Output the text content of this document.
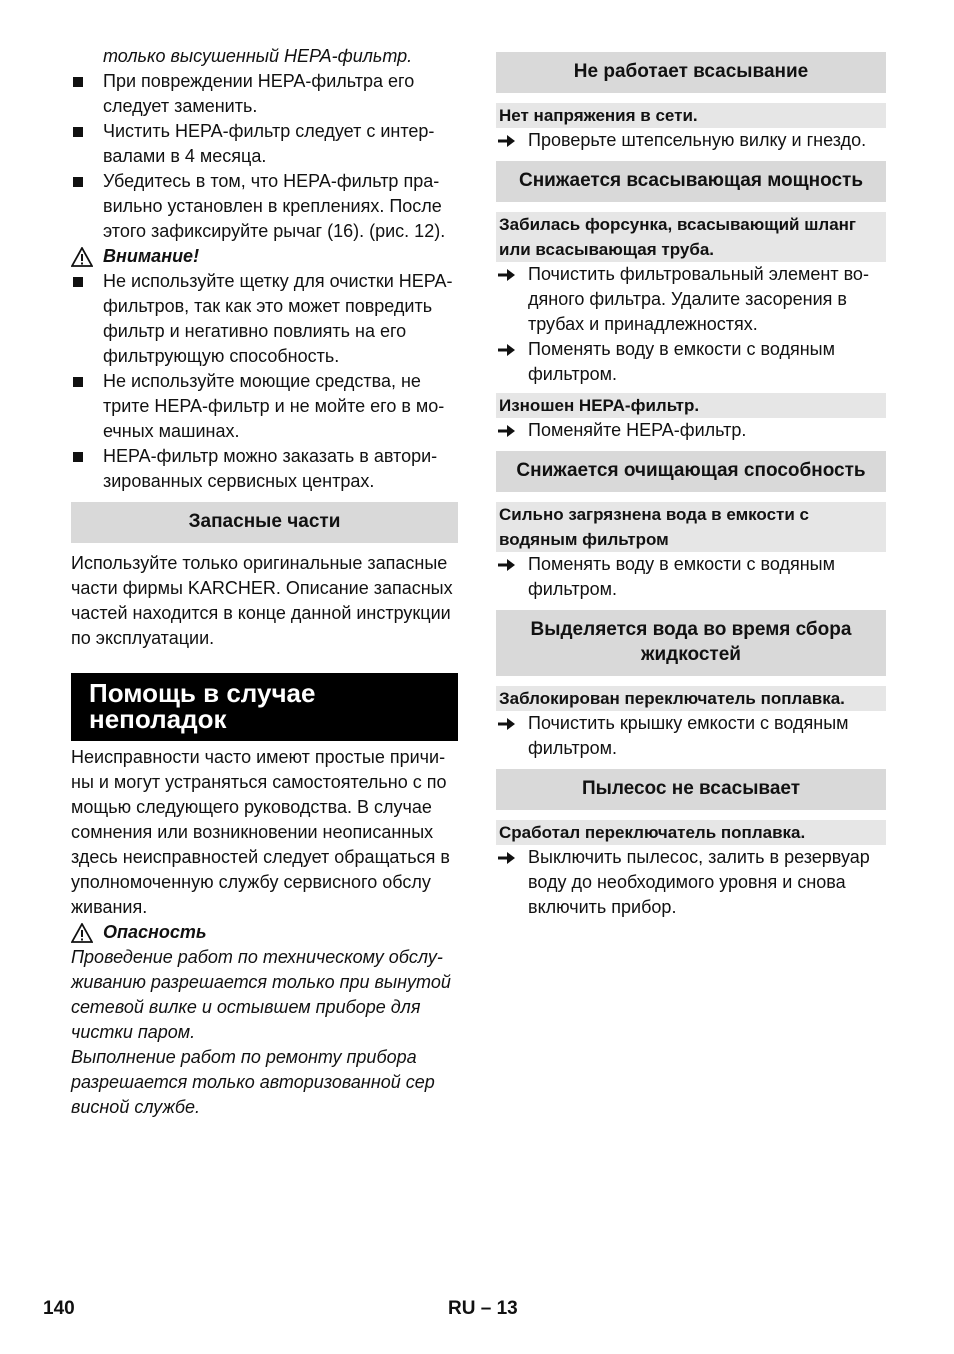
только высушенный HEPA-фильтр.
При повреждении HEPA-фильтра его
следует заменить.
Чистить HEPA-фильтр следует с интер-
валами в 4 месяца.
Убедитесь в том, что HEPA-фильтр пра-
вильно установлен в креплениях. После
этого зафиксируйте рычаг (16). (рис. 12).
Внимание!
Не используйте щетку для очистки HEPA-
фильтров, так как это может повредить
фильтр и негативно повлиять на его
фильтрующую способность.
Не используйте моющие средства, не
трите HEPA-фильтр и не мойте его в мо-
ечных машинах.
HEPA-фильтр можно заказать в автори-
зированных сервисных центрах.
Запасные части
Используйте только оригинальные запасные
части фирмы KARCHER. Описание запасных
частей находится в конце данной инструкции
по эксплуатации.
Помощь в случае неполадок
Неисправности часто имеют простые причи-
ны и могут устраняться самостоятельно с по
мощью следующего руководства. В случае
сомнения или возникновении неописанных
здесь неисправностей следует обращаться в
уполномоченную службу сервисного обслу
живания.
Опасность
Проведение работ по техническому обслу-
живанию разрешается только при вынутой
сетевой вилке и остывшем приборе для
чистки паром.
Выполнение работ по ремонту прибора
разрешается только авторизованной сер
висной службе.
Не работает всасывание
Нет напряжения в сети.
Проверьте штепсельную вилку и гнездо.
Снижается всасывающая мощность
Забилась форсунка, всасывающий шланг
или всасывающая труба.
Почистить фильтровальный элемент во-
дяного фильтра. Удалите засорения в
трубах и принадлежностях.
Поменять воду в емкости с водяным
фильтром.
Изношен HEPA-фильтр.
Поменяйте HEPA-фильтр.
Снижается очищающая способность
Сильно загрязнена вода в емкости с
водяным фильтром
Поменять воду в емкости с водяным
фильтром.
Выделяется вода во время сбора
жидкостей
Заблокирован переключатель поплавка.
Почистить крышку емкости с водяным
фильтром.
Пылесос не всасывает
Сработал переключатель поплавка.
Выключить пылесос, залить в резервуар
воду до необходимого уровня и снова
включить прибор.
140	RU – 13
